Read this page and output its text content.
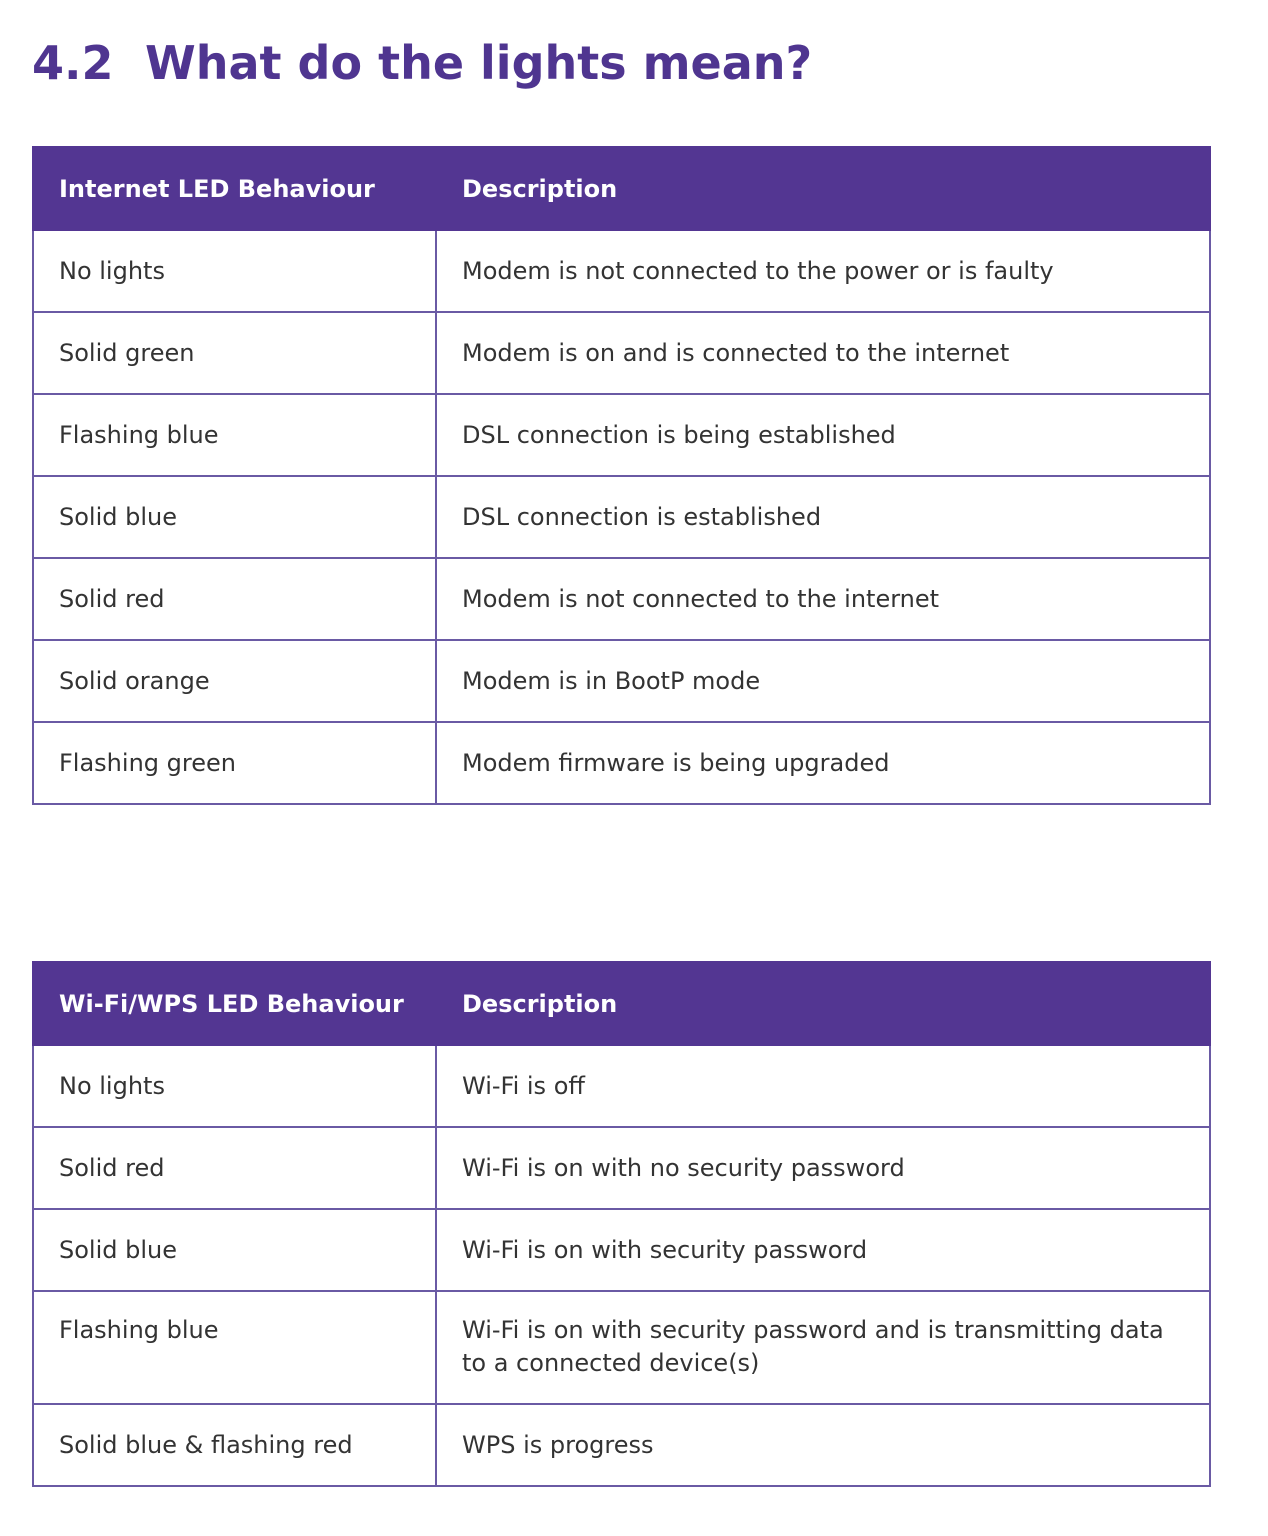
4.2 What do the lights mean?
Internet LED Behaviour	Description
No lights	Modem is not connected to the power or is faulty
Solid green	Modem is on and is connected to the internet
Flashing blue	DSL connection is being established
Solid blue	DSL connection is established
Solid red	Modem is not connected to the internet
Solid orange	Modem is in BootP mode
Flashing green	Modem firmware is being upgraded
Wi-Fi/WPS LED Behaviour	Description
No lights	Wi-Fi is off
Solid red	Wi-Fi is on with no security password
Solid blue	Wi-Fi is on with security password
Flashing blue	Wi-Fi is on with security password and is transmitting data to a connected device(s)
Solid blue & flashing red	WPS is progress
